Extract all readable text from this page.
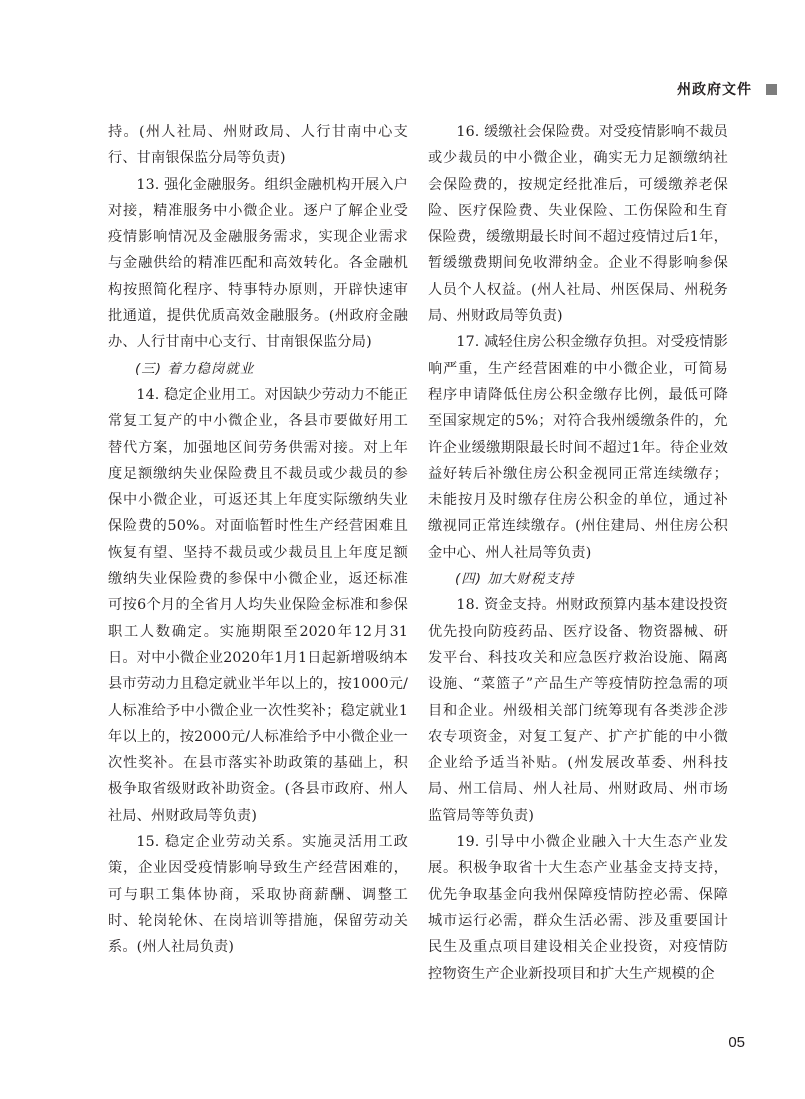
州政府文件

持。(州人社局、州财政局、人行甘南中心支行、甘南银保监分局等负责)

13. 强化金融服务。组织金融机构开展入户对接，精准服务中小微企业。逐户了解企业受疫情影响情况及金融服务需求，实现企业需求与金融供给的精准匹配和高效转化。各金融机构按照简化程序、特事特办原则，开辟快速审批通道，提供优质高效金融服务。(州政府金融办、人行甘南中心支行、甘南银保监分局)

(三) 着力稳岗就业

14. 稳定企业用工。对因缺少劳动力不能正常复工复产的中小微企业，各县市要做好用工替代方案，加强地区间劳务供需对接。对上年度足额缴纳失业保险费且不裁员或少裁员的参保中小微企业，可返还其上年度实际缴纳失业保险费的50%。对面临暂时性生产经营困难且恢复有望、坚持不裁员或少裁员且上年度足额缴纳失业保险费的参保中小微企业，返还标准可按6个月的全省月人均失业保险金标准和参保职工人数确定。实施期限至2020年12月31日。对中小微企业2020年1月1日起新增吸纳本县市劳动力且稳定就业半年以上的，按1000元/人标准给予中小微企业一次性奖补；稳定就业1年以上的，按2000元/人标准给予中小微企业一次性奖补。在县市落实补助政策的基础上，积极争取省级财政补助资金。(各县市政府、州人社局、州财政局等负责)

15. 稳定企业劳动关系。实施灵活用工政策，企业因受疫情影响导致生产经营困难的，可与职工集体协商，采取协商薪酬、调整工时、轮岗轮休、在岗培训等措施，保留劳动关系。(州人社局负责)

16. 缓缴社会保险费。对受疫情影响不裁员或少裁员的中小微企业，确实无力足额缴纳社会保险费的，按规定经批准后，可缓缴养老保险、医疗保险费、失业保险、工伤保险和生育保险费，缓缴期最长时间不超过疫情过后1年，暂缓缴费期间免收滞纳金。企业不得影响参保人员个人权益。(州人社局、州医保局、州税务局、州财政局等负责)

17. 减轻住房公积金缴存负担。对受疫情影响严重，生产经营困难的中小微企业，可简易程序申请降低住房公积金缴存比例，最低可降至国家规定的5%；对符合我州缓缴条件的，允许企业缓缴期限最长时间不超过1年。待企业效益好转后补缴住房公积金视同正常连续缴存；未能按月及时缴存住房公积金的单位，通过补缴视同正常连续缴存。(州住建局、州住房公积金中心、州人社局等负责)

(四) 加大财税支持

18. 资金支持。州财政预算内基本建设投资优先投向防疫药品、医疗设备、物资器械、研发平台、科技攻关和应急医疗救治设施、隔离设施、“菜篮子”产品生产等疫情防控急需的项目和企业。州级相关部门统筹现有各类涉企涉农专项资金，对复工复产、扩产扩能的中小微企业给予适当补贴。(州发展改革委、州科技局、州工信局、州人社局、州财政局、州市场监管局等等负责)

19. 引导中小微企业融入十大生态产业发展。积极争取省十大生态产业基金支持支持，优先争取基金向我州保障疫情防控必需、保障城市运行必需，群众生活必需、涉及重要国计民生及重点项目建设相关企业投资，对疫情防控物资生产企业新投项目和扩大生产规模的企

05
